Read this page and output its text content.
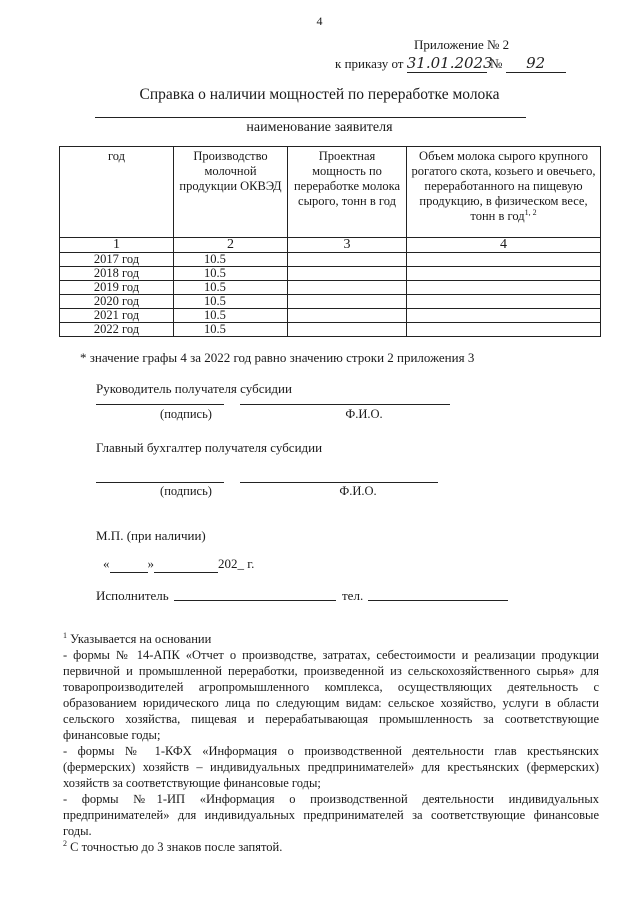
4
Приложение № 2
к приказу от 31.01.2023 № 92
Справка о наличии мощностей по переработке молока
наименование заявителя
год	Производство молочной продукции ОКВЭД	Проектная мощность по переработке молока сырого, тонн в год	Объем молока сырого крупного рогатого скота, козьего и овечьего, переработанного на пищевую продукцию, в физическом весе, тонн в год$^{1, 2}$
1	2	3	4
2017 год	10.5		
2018 год	10.5		
2019 год	10.5		
2020 год	10.5		
2021 год	10.5		
2022 год	10.5		
* значение графы 4 за 2022 год равно значению строки 2 приложения 3
Руководитель получателя субсидии
(подпись)	Ф.И.О.
Главный бухгалтер получателя субсидии
(подпись)	Ф.И.О.
М.П. (при наличии)
«	»	202_ г.
Исполнитель	тел.

$^1$ Указывается на основании

- формы № 14-АПК «Отчет о производстве, затратах, себестоимости и реализации продукции первичной и промышленной переработки, произведенной из сельскохозяйственного сырья» для товаропроизводителей агропромышленного комплекса, осуществляющих деятельность с образованием юридического лица по следующим видам: сельское хозяйство, услуги в области сельского хозяйства, пищевая и перерабатывающая промышленность за соответствующие финансовые годы;

- формы № 1-КФХ «Информация о производственной деятельности глав крестьянских (фермерских) хозяйств – индивидуальных предпринимателей» для крестьянских (фермерских) хозяйств за соответствующие финансовые годы;

- формы №1-ИП «Информация о производственной деятельности индивидуальных предпринимателей» для индивидуальных предпринимателей за соответствующие финансовые годы.

$^2$ С точностью до 3 знаков после запятой.
